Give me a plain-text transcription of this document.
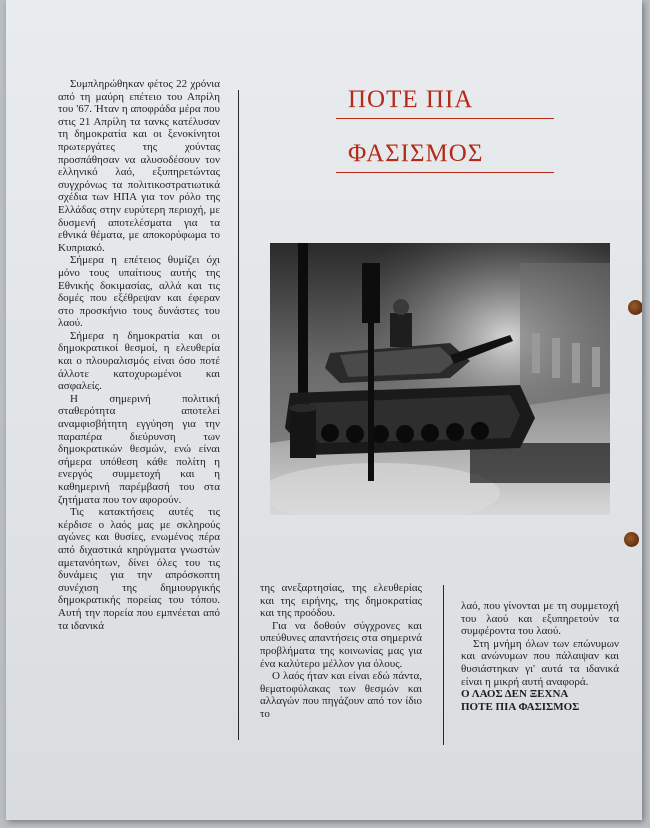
Συμπληρώθηκαν φέτος 22 χρόνια από τη μαύρη επέτειο του Απρίλη του '67. Ήταν η αποφράδα μέρα που στις 21 Απρίλη τα τανκς κατέλυσαν τη δημοκρατία και οι ξενοκίνητοι πρωτεργάτες της χούντας προσπάθησαν να αλυσοδέσουν τον ελληνικό λαό, εξυπηρετώντας συγχρόνως τα πολιτικοστρατιωτικά σχέδια των ΗΠΑ για τον ρόλο της Ελλάδας στην ευρύτερη περιοχή, με δυσμενή αποτελέσματα για τα εθνικά θέματα, με αποκορύφωμα το Κυπριακό.

Σήμερα η επέτειος θυμίζει όχι μόνο τους υπαίτιους αυτής της Εθνικής δοκιμασίας, αλλά και τις δομές που εξέθρεψαν και έφεραν στο προσκήνιο τους δυνάστες του λαού.

Σήμερα η δημοκρατία και οι δημοκρατικοί θεσμοί, η ελευθερία και ο πλουραλισμός είναι όσο ποτέ άλλοτε κατοχυρωμένοι και ασφαλείς.

Η σημερινή πολιτική σταθερότητα αποτελεί αναμφισβήτητη εγγύηση για την παραπέρα διεύρυνση των δημοκρατικών θεσμών, ενώ είναι σήμερα υπόθεση κάθε πολίτη η ενεργός συμμετοχή και η καθημερινή παρέμβασή του στα ζητήματα που τον αφορούν.

Τις κατακτήσεις αυτές τις κέρδισε ο λαός μας με σκληρούς αγώνες και θυσίες, ενωμένος πέρα από διχαστικά κηρύγματα γνωστών αμετανόητων, δίνει όλες του τις δυνάμεις για την απρόσκοπτη συνέχιση της δημιουργικής δημοκρατικής πορείας του τόπου. Αυτή την πορεία που εμπνέεται από τα ιδανικά

ΠΟΤΕ ΠΙΑ
ΦΑΣΙΣΜΟΣ

της ανεξαρτησίας, της ελευθερίας και της ειρήνης, της δημοκρατίας και της προόδου.

Για να δοθούν σύγχρονες και υπεύθυνες απαντήσεις στα σημερινά προβλήματα της κοινωνίας μας για ένα καλύτερο μέλλον για όλους.

Ο λαός ήταν και είναι εδώ πάντα, θεματοφύλακας των θεσμών και αλλαγών που πηγάζουν από τον ίδιο το

λαό, που γίνονται με τη συμμετοχή του λαού και εξυπηρετούν τα συμφέροντα του λαού.

Στη μνήμη όλων των επώνυμων και ανώνυμων που πάλαιψαν και θυσιάστηκαν γι' αυτά τα ιδανικά είναι η μικρή αυτή αναφορά.

Ο ΛΑΟΣ ΔΕΝ ΞΕΧΝΑ

ΠΟΤΕ ΠΙΑ ΦΑΣΙΣΜΟΣ
